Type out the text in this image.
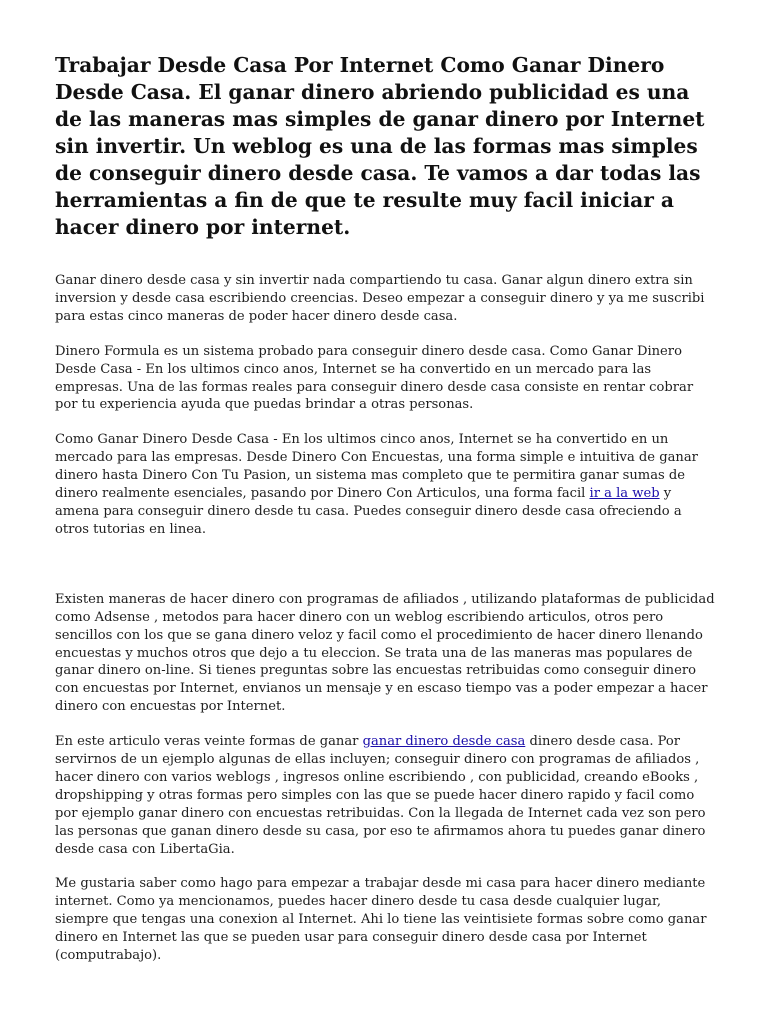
Trabajar Desde Casa Por Internet Como Ganar Dinero Desde Casa. El ganar dinero abriendo publicidad es una de las maneras mas simples de ganar dinero por Internet sin invertir. Un weblog es una de las formas mas simples de conseguir dinero desde casa. Te vamos a dar todas las herramientas a fin de que te resulte muy facil iniciar a hacer dinero por internet.

Ganar dinero desde casa y sin invertir nada compartiendo tu casa. Ganar algun dinero extra sin inversion y desde casa escribiendo creencias. Deseo empezar a conseguir dinero y ya me suscribi para estas cinco maneras de poder hacer dinero desde casa.

Dinero Formula es un sistema probado para conseguir dinero desde casa. Como Ganar Dinero Desde Casa - En los ultimos cinco anos, Internet se ha convertido en un mercado para las empresas. Una de las formas reales para conseguir dinero desde casa consiste en rentar cobrar por tu experiencia ayuda que puedas brindar a otras personas.

Como Ganar Dinero Desde Casa - En los ultimos cinco anos, Internet se ha convertido en un mercado para las empresas. Desde Dinero Con Encuestas, una forma simple e intuitiva de ganar dinero hasta Dinero Con Tu Pasion, un sistema mas completo que te permitira ganar sumas de dinero realmente esenciales, pasando por Dinero Con Articulos, una forma facil ir a la web y amena para conseguir dinero desde tu casa. Puedes conseguir dinero desde casa ofreciendo a otros tutorias en linea.

Existen maneras de hacer dinero con programas de afiliados , utilizando plataformas de publicidad como Adsense , metodos para hacer dinero con un weblog escribiendo articulos, otros pero sencillos con los que se gana dinero veloz y facil como el procedimiento de hacer dinero llenando encuestas y muchos otros que dejo a tu eleccion. Se trata una de las maneras mas populares de ganar dinero on-line. Si tienes preguntas sobre las encuestas retribuidas como conseguir dinero con encuestas por Internet, envianos un mensaje y en escaso tiempo vas a poder empezar a hacer dinero con encuestas por Internet.

En este articulo veras veinte formas de ganar ganar dinero desde casa dinero desde casa. Por servirnos de un ejemplo algunas de ellas incluyen; conseguir dinero con programas de afiliados , hacer dinero con varios weblogs , ingresos online escribiendo , con publicidad, creando eBooks , dropshipping y otras formas pero simples con las que se puede hacer dinero rapido y facil como por ejemplo ganar dinero con encuestas retribuidas. Con la llegada de Internet cada vez son pero las personas que ganan dinero desde su casa, por eso te afirmamos ahora tu puedes ganar dinero desde casa con LibertaGia.

Me gustaria saber como hago para empezar a trabajar desde mi casa para hacer dinero mediante internet. Como ya mencionamos, puedes hacer dinero desde tu casa desde cualquier lugar, siempre que tengas una conexion al Internet. Ahi lo tiene las veintisiete formas sobre como ganar dinero en Internet las que se pueden usar para conseguir dinero desde casa por Internet (computrabajo).
